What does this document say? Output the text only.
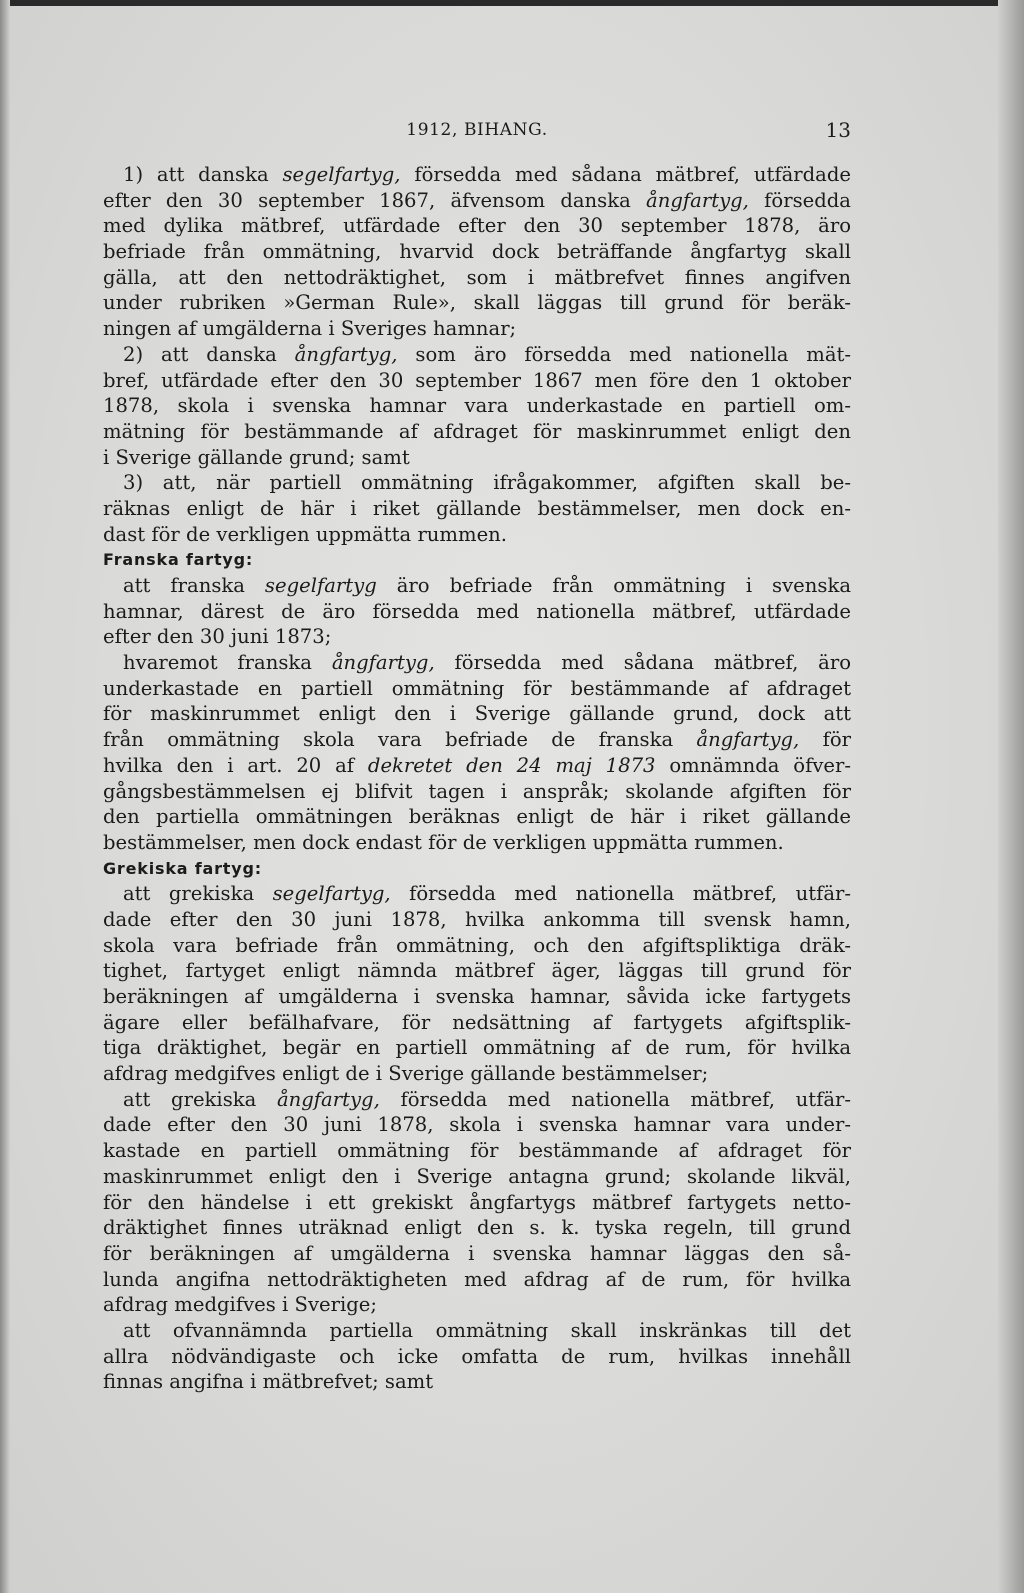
1912, BIHANG.	13
1) att danska segelfartyg, försedda med sådana mätbref, utfärdade
efter den 30 september 1867, äfvensom danska ångfartyg, försedda
med dylika mätbref, utfärdade efter den 30 september 1878, äro
befriade från ommätning, hvarvid dock beträffande ångfartyg skall
gälla, att den nettodräktighet, som i mätbrefvet finnes angifven
under rubriken »German Rule», skall läggas till grund för beräk-
ningen af umgälderna i Sveriges hamnar;
2) att danska ångfartyg, som äro försedda med nationella mät-
bref, utfärdade efter den 30 september 1867 men före den 1 oktober
1878, skola i svenska hamnar vara underkastade en partiell om-
mätning för bestämmande af afdraget för maskinrummet enligt den
i Sverige gällande grund; samt
3) att, när partiell ommätning ifrågakommer, afgiften skall be-
räknas enligt de här i riket gällande bestämmelser, men dock en-
dast för de verkligen uppmätta rummen.
Franska fartyg:
att franska segelfartyg äro befriade från ommätning i svenska
hamnar, därest de äro försedda med nationella mätbref, utfärdade
efter den 30 juni 1873;
hvaremot franska ångfartyg, försedda med sådana mätbref, äro
underkastade en partiell ommätning för bestämmande af afdraget
för maskinrummet enligt den i Sverige gällande grund, dock att
från ommätning skola vara befriade de franska ångfartyg, för
hvilka den i art. 20 af dekretet den 24 maj 1873 omnämnda öfver-
gångsbestämmelsen ej blifvit tagen i anspråk; skolande afgiften för
den partiella ommätningen beräknas enligt de här i riket gällande
bestämmelser, men dock endast för de verkligen uppmätta rummen.
Grekiska fartyg:
att grekiska segelfartyg, försedda med nationella mätbref, utfär-
dade efter den 30 juni 1878, hvilka ankomma till svensk hamn,
skola vara befriade från ommätning, och den afgiftspliktiga dräk-
tighet, fartyget enligt nämnda mätbref äger, läggas till grund för
beräkningen af umgälderna i svenska hamnar, såvida icke fartygets
ägare eller befälhafvare, för nedsättning af fartygets afgiftsplik-
tiga dräktighet, begär en partiell ommätning af de rum, för hvilka
afdrag medgifves enligt de i Sverige gällande bestämmelser;
att grekiska ångfartyg, försedda med nationella mätbref, utfär-
dade efter den 30 juni 1878, skola i svenska hamnar vara under-
kastade en partiell ommätning för bestämmande af afdraget för
maskinrummet enligt den i Sverige antagna grund; skolande likväl,
för den händelse i ett grekiskt ångfartygs mätbref fartygets netto-
dräktighet finnes uträknad enligt den s. k. tyska regeln, till grund
för beräkningen af umgälderna i svenska hamnar läggas den så-
lunda angifna nettodräktigheten med afdrag af de rum, för hvilka
afdrag medgifves i Sverige;
att ofvannämnda partiella ommätning skall inskränkas till det
allra nödvändigaste och icke omfatta de rum, hvilkas innehåll
finnas angifna i mätbrefvet; samt
